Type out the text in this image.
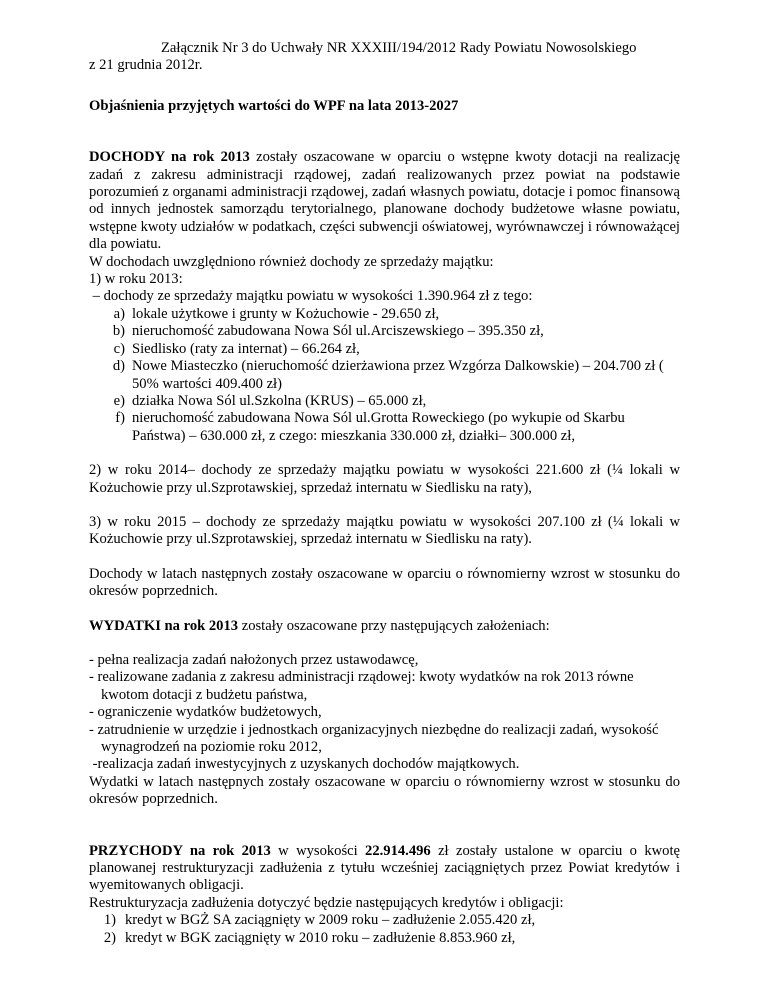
Załącznik Nr 3 do Uchwały NR XXXIII/194/2012 Rady Powiatu Nowosolskiego

z 21 grudnia 2012r.

Objaśnienia przyjętych wartości do WPF na lata 2013-2027

DOCHODY na rok 2013 zostały oszacowane w oparciu o wstępne kwoty dotacji na realizację zadań z zakresu administracji rządowej, zadań realizowanych przez powiat na podstawie porozumień z organami administracji rządowej, zadań własnych powiatu, dotacje i pomoc finansową od innych jednostek samorządu terytorialnego, planowane dochody budżetowe własne powiatu, wstępne kwoty udziałów w podatkach, części subwencji oświatowej, wyrównawczej i równoważącej dla powiatu.

W dochodach uwzględniono również dochody ze sprzedaży majątku:

1) w roku 2013:

– dochody ze sprzedaży majątku powiatu w wysokości 1.390.964 zł z tego:

a) lokale użytkowe i grunty w Kożuchowie - 29.650 zł,
b) nieruchomość zabudowana Nowa Sól ul.Arciszewskiego – 395.350 zł,
c) Siedlisko (raty za internat) – 66.264 zł,
d) Nowe Miasteczko (nieruchomość dzierżawiona przez Wzgórza Dalkowskie) – 204.700 zł ( 50% wartości 409.400 zł)
e) działka Nowa Sól ul.Szkolna (KRUS) – 65.000 zł,
f) nieruchomość zabudowana Nowa Sól ul.Grotta Roweckiego (po wykupie od Skarbu Państwa) – 630.000 zł, z czego: mieszkania 330.000 zł, działki– 300.000 zł,

2) w roku 2014– dochody ze sprzedaży majątku powiatu w wysokości 221.600 zł (¼ lokali w Kożuchowie przy ul.Szprotawskiej, sprzedaż internatu w Siedlisku na raty),

3) w roku 2015 – dochody ze sprzedaży majątku powiatu w wysokości 207.100 zł (¼ lokali w Kożuchowie przy ul.Szprotawskiej, sprzedaż internatu w Siedlisku na raty).

Dochody w latach następnych zostały oszacowane w oparciu o równomierny wzrost w stosunku do okresów poprzednich.

WYDATKI na rok 2013 zostały oszacowane przy następujących założeniach:

- pełna realizacja zadań nałożonych przez ustawodawcę,

- realizowane zadania z zakresu administracji rządowej: kwoty wydatków na rok 2013 równe kwotom dotacji z budżetu państwa,

- ograniczenie wydatków budżetowych,

- zatrudnienie w urzędzie i jednostkach organizacyjnych niezbędne do realizacji zadań, wysokość wynagrodzeń na poziomie roku 2012,

-realizacja zadań inwestycyjnych z uzyskanych dochodów majątkowych.

Wydatki w latach następnych zostały oszacowane w oparciu o równomierny wzrost w stosunku do okresów poprzednich.

PRZYCHODY na rok 2013 w wysokości 22.914.496 zł zostały ustalone w oparciu o kwotę planowanej restrukturyzacji zadłużenia z tytułu wcześniej zaciągniętych przez Powiat kredytów i wyemitowanych obligacji.

Restrukturyzacja zadłużenia dotyczyć będzie następujących kredytów i obligacji:

1) kredyt w BGŻ SA zaciągnięty w 2009 roku – zadłużenie 2.055.420 zł,
2) kredyt w BGK zaciągnięty w 2010 roku – zadłużenie 8.853.960 zł,
